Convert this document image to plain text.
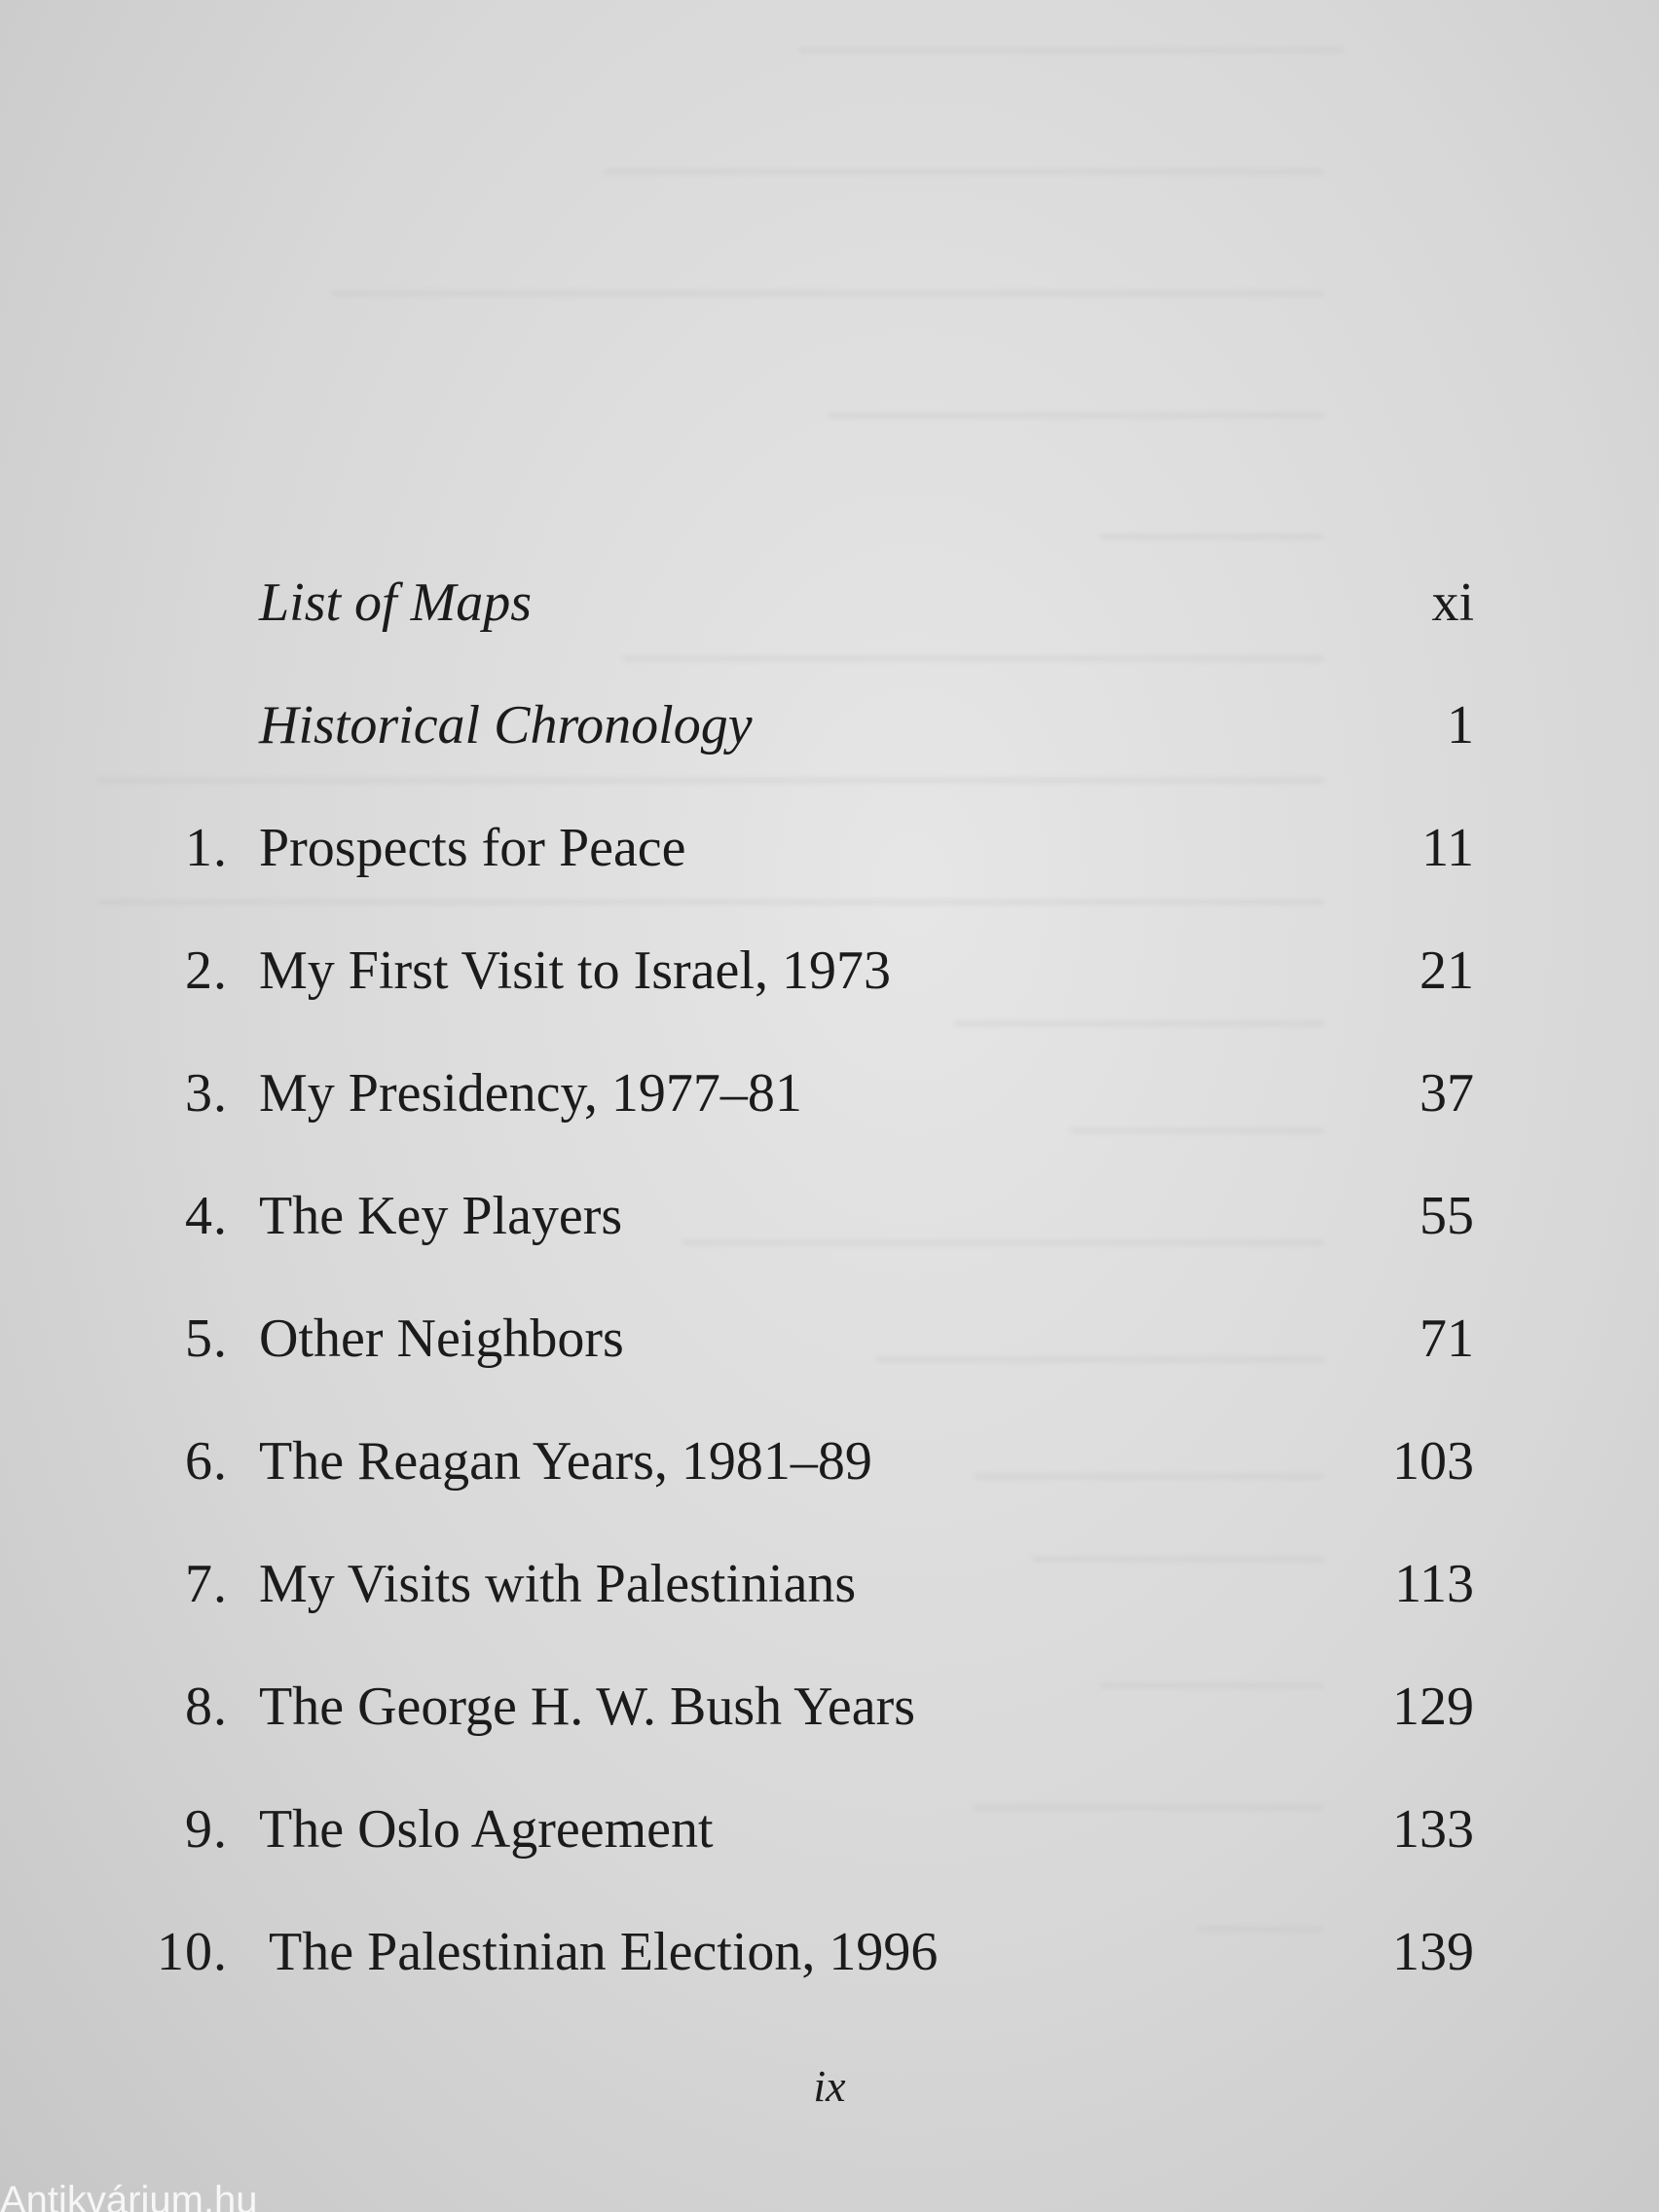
List of Maps	xi
Historical Chronology	1
1. Prospects for Peace	11
2. My First Visit to Israel, 1973	21
3. My Presidency, 1977–81	37
4. The Key Players	55
5. Other Neighbors	71
6. The Reagan Years, 1981–89	103
7. My Visits with Palestinians	113
8. The George H. W. Bush Years	129
9. The Oslo Agreement	133
10. The Palestinian Election, 1996	139
ix
Antikvárium.hu
